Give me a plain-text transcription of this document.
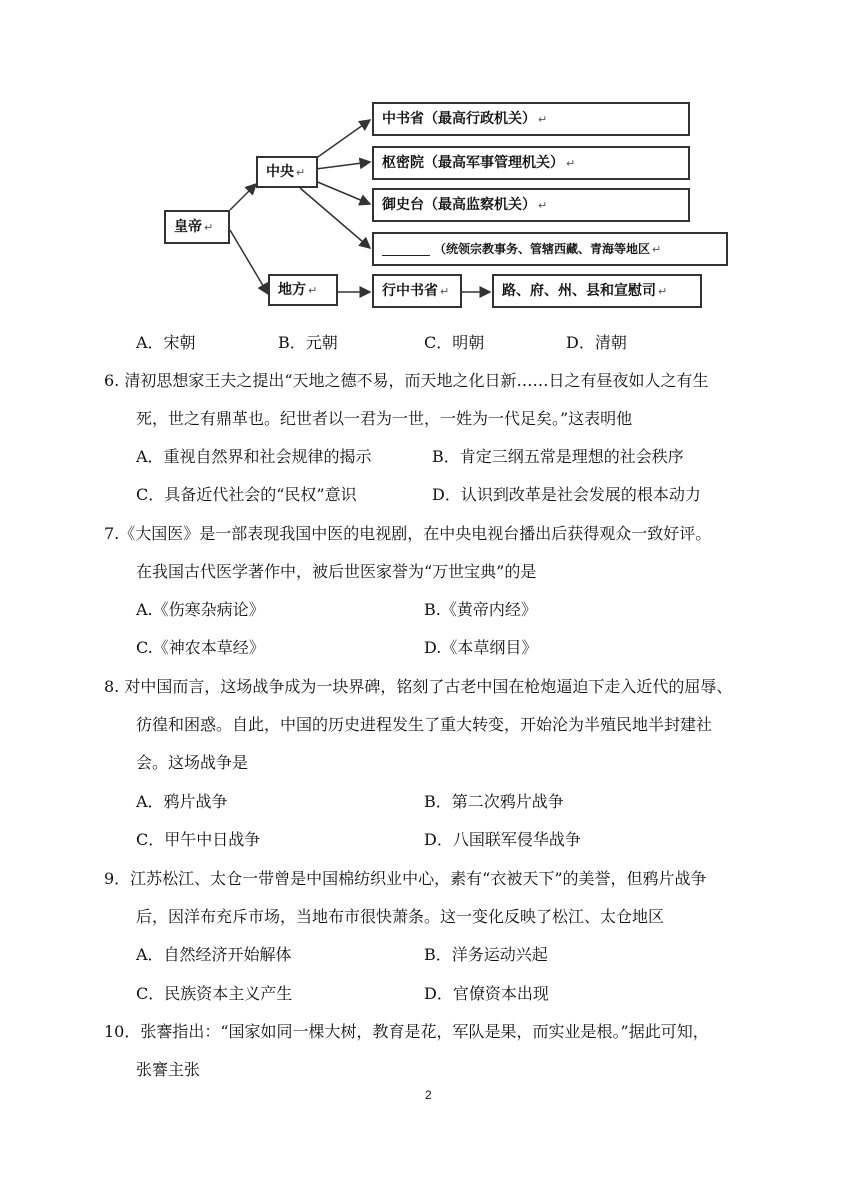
皇帝 ↵
中央 ↵
地方 ↵
中书省（最高行政机关） ↵
枢密院（最高军事管理机关） ↵
御史台（最高监察机关） ↵
（统领宗教事务、管辖西藏、青海等地区 ↵
行中书省 ↵	路、府、州、县和宣慰司 ↵
A．宋朝	B．元朝	C．明朝	D．清朝
6. 清初思想家王夫之提出“天地之德不易，而天地之化日新……日之有昼夜如人之有生
死，世之有鼎革也。纪世者以一君为一世，一姓为一代足矣。”这表明他
A．重视自然界和社会规律的揭示	B．肯定三纲五常是理想的社会秩序
C．具备近代社会的“民权”意识	D．认识到改革是社会发展的根本动力
7.《大国医》是一部表现我国中医的电视剧，在中央电视台播出后获得观众一致好评。
在我国古代医学著作中，被后世医家誉为“万世宝典”的是
A.《伤寒杂病论》	B.《黄帝内经》
C.《神农本草经》	D.《本草纲目》
8. 对中国而言，这场战争成为一块界碑，铭刻了古老中国在枪炮逼迫下走入近代的屈辱、
彷徨和困惑。自此，中国的历史进程发生了重大转变，开始沦为半殖民地半封建社
会。这场战争是
A．鸦片战争	B．第二次鸦片战争
C．甲午中日战争	D．八国联军侵华战争
9．江苏松江、太仓一带曾是中国棉纺织业中心，素有“衣被天下”的美誉，但鸦片战争
后，因洋布充斥市场，当地布市很快萧条。这一变化反映了松江、太仓地区
A．自然经济开始解体	B．洋务运动兴起
C．民族资本主义产生	D．官僚资本出现
10．张謇指出：“国家如同一棵大树，教育是花，军队是果，而实业是根。”据此可知，
张謇主张
2
